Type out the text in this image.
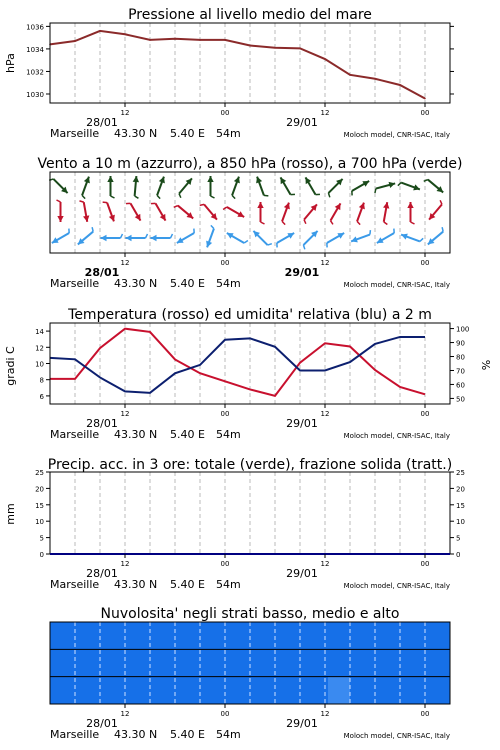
Pressione al livello medio del mare
1030
1032
1034
1036
hPa
12	00	12	00
28/01	29/01
Marseille 43.30 N 5.40 E 54m	Moloch model, CNR-ISAC, Italy
Vento a 10 m (azzurro), a 850 hPa (rosso), a 700 hPa (verde)
12	00	12	00
28/01	29/01
Marseille 43.30 N 5.40 E 54m	Moloch model, CNR-ISAC, Italy
Temperatura (rosso) ed umidita' relativa (blu) a 2 m
6
8
10
12
14
50
60
70
80
90
100
gradi C	%
12	00	12	00
28/01	29/01
Marseille 43.30 N 5.40 E 54m	Moloch model, CNR-ISAC, Italy
Precip. acc. in 3 ore: totale (verde), frazione solida (tratt.)
0	0
5	5
10	10
15	15
20	20
25	25
mm
12	00	12	00
28/01	29/01
Marseille 43.30 N 5.40 E 54m	Moloch model, CNR-ISAC, Italy
Nuvolosita' negli strati basso, medio e alto
12	00	12	00
28/01	29/01
Marseille 43.30 N 5.40 E 54m	Moloch model, CNR-ISAC, Italy
